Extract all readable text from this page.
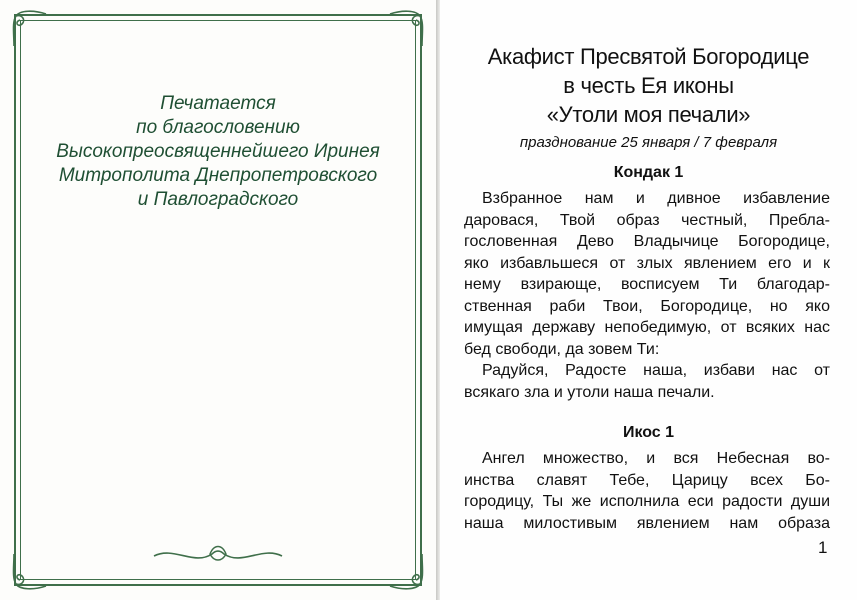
Печатается
по благословению
Высокопреосвященнейшего Иринея
Митрополита Днепропетровского
и Павлоградского
Акафист Пресвятой Богородице
в честь Ея иконы
«Утоли моя печали»
празднование 25 января / 7 февраля
Кондак 1
Взбранное нам и дивное избавление
даровася, Твой образ честный, Пребла-
гословенная Дево Владычице Богородице,
яко избавльшеся от злых явлением его и к
нему взирающе, восписуем Ти благодар-
ственная раби Твои, Богородице, но яко
имущая державу непобедимую, от всяких нас
бед свободи, да зовем Ти:
Радуйся, Радосте наша, избави нас от
всякаго зла и утоли наша печали.
Икос 1
Ангел множество, и вся Небесная во-
инства славят Тебе, Царицу всех Бо-
городицу, Ты же исполнила еси радости души
наша милостивым явлением нам образа
1
